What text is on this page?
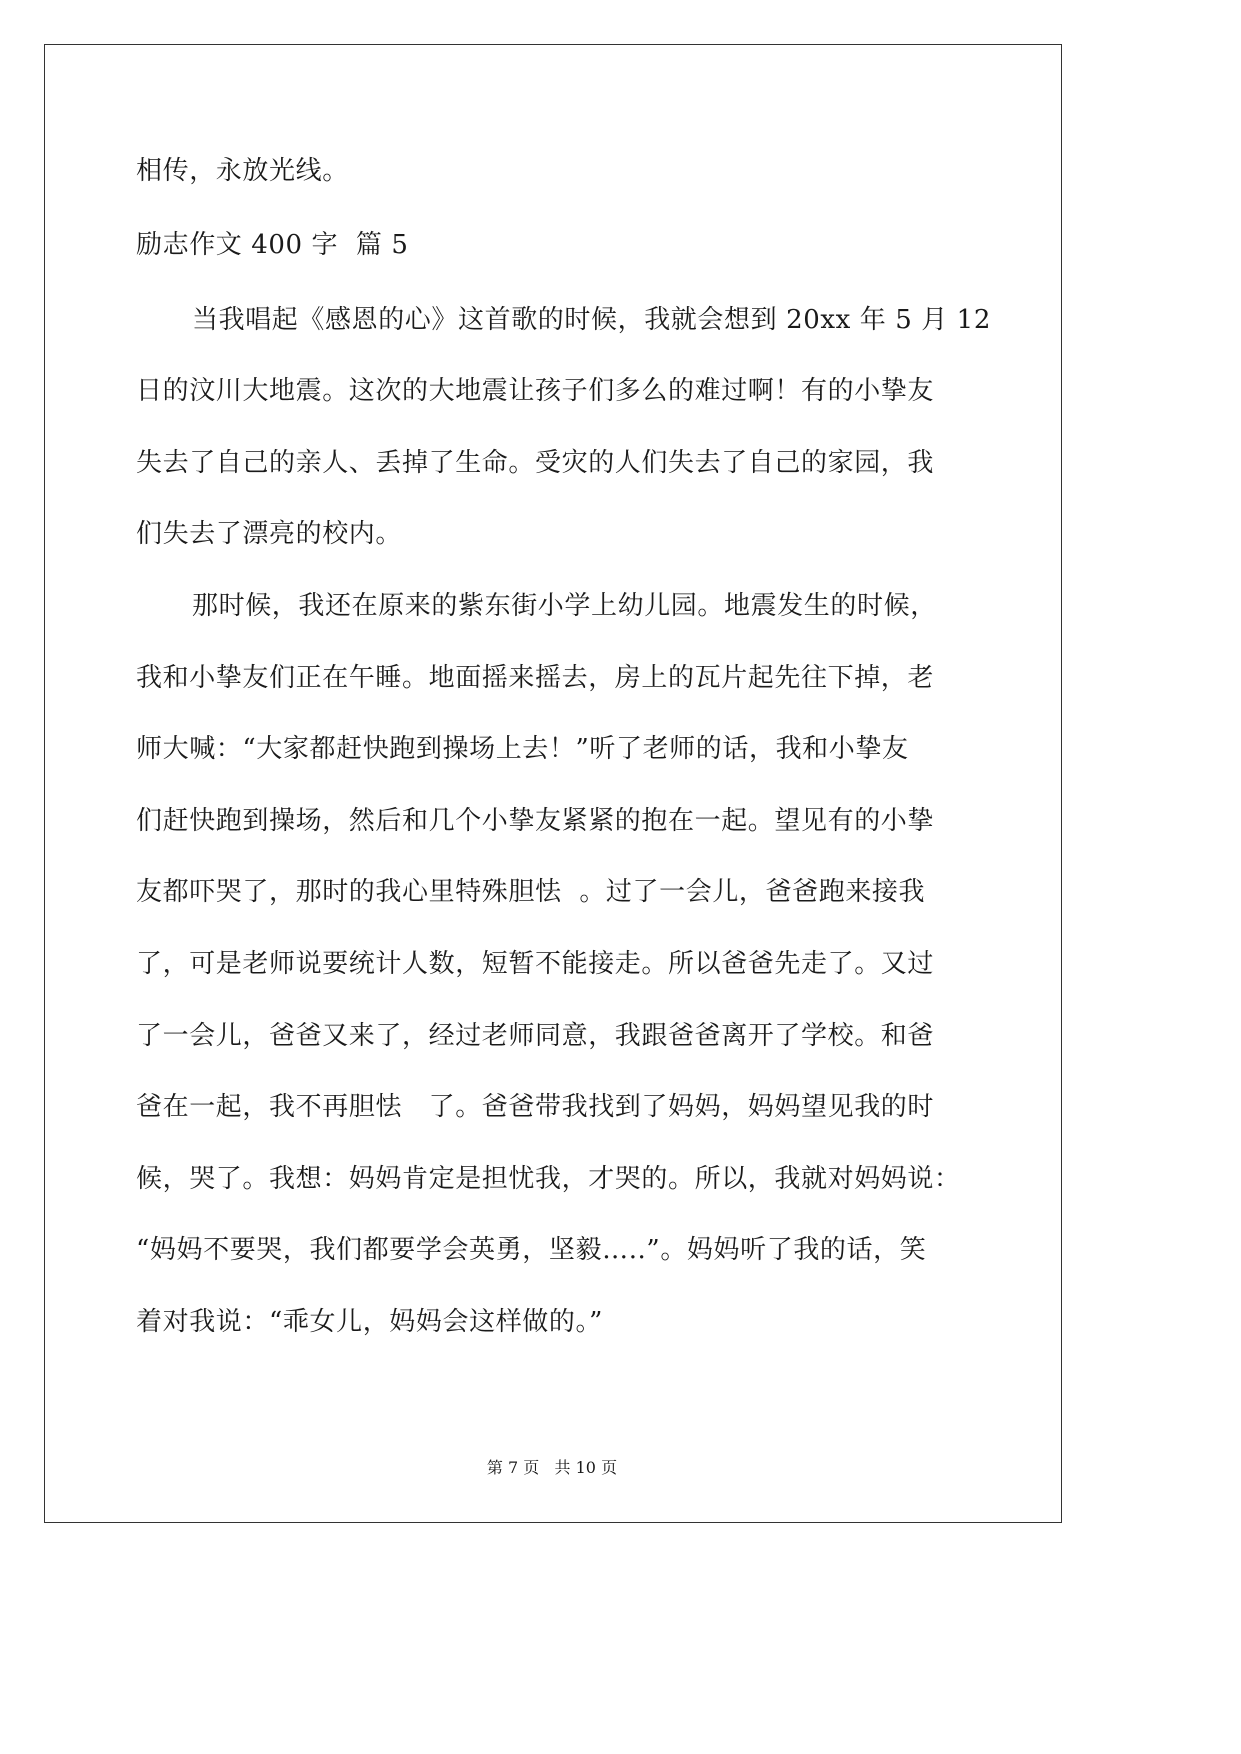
相传，永放光线。
励志作文 400 字  篇 5
当我唱起《感恩的心》这首歌的时候，我就会想到 20xx 年 5 月 12
日的汶川大地震。这次的大地震让孩子们多么的难过啊！有的小挚友
失去了自己的亲人、丢掉了生命。受灾的人们失去了自己的家园，我
们失去了漂亮的校内。
那时候，我还在原来的紫东街小学上幼儿园。地震发生的时候，
我和小挚友们正在午睡。地面摇来摇去，房上的瓦片起先往下掉，老
师大喊：“大家都赶快跑到操场上去！”听了老师的话，我和小挚友
们赶快跑到操场，然后和几个小挚友紧紧的抱在一起。望见有的小挚
友都吓哭了，那时的我心里特殊胆怯  。过了一会儿，爸爸跑来接我
了，可是老师说要统计人数，短暂不能接走。所以爸爸先走了。又过
了一会儿，爸爸又来了，经过老师同意，我跟爸爸离开了学校。和爸
爸在一起，我不再胆怯   了。爸爸带我找到了妈妈，妈妈望见我的时
候，哭了。我想：妈妈肯定是担忧我，才哭的。所以，我就对妈妈说：
“妈妈不要哭，我们都要学会英勇，坚毅…..”。妈妈听了我的话，笑
着对我说：“乖女儿，妈妈会这样做的。”
第 7 页   共 10 页
